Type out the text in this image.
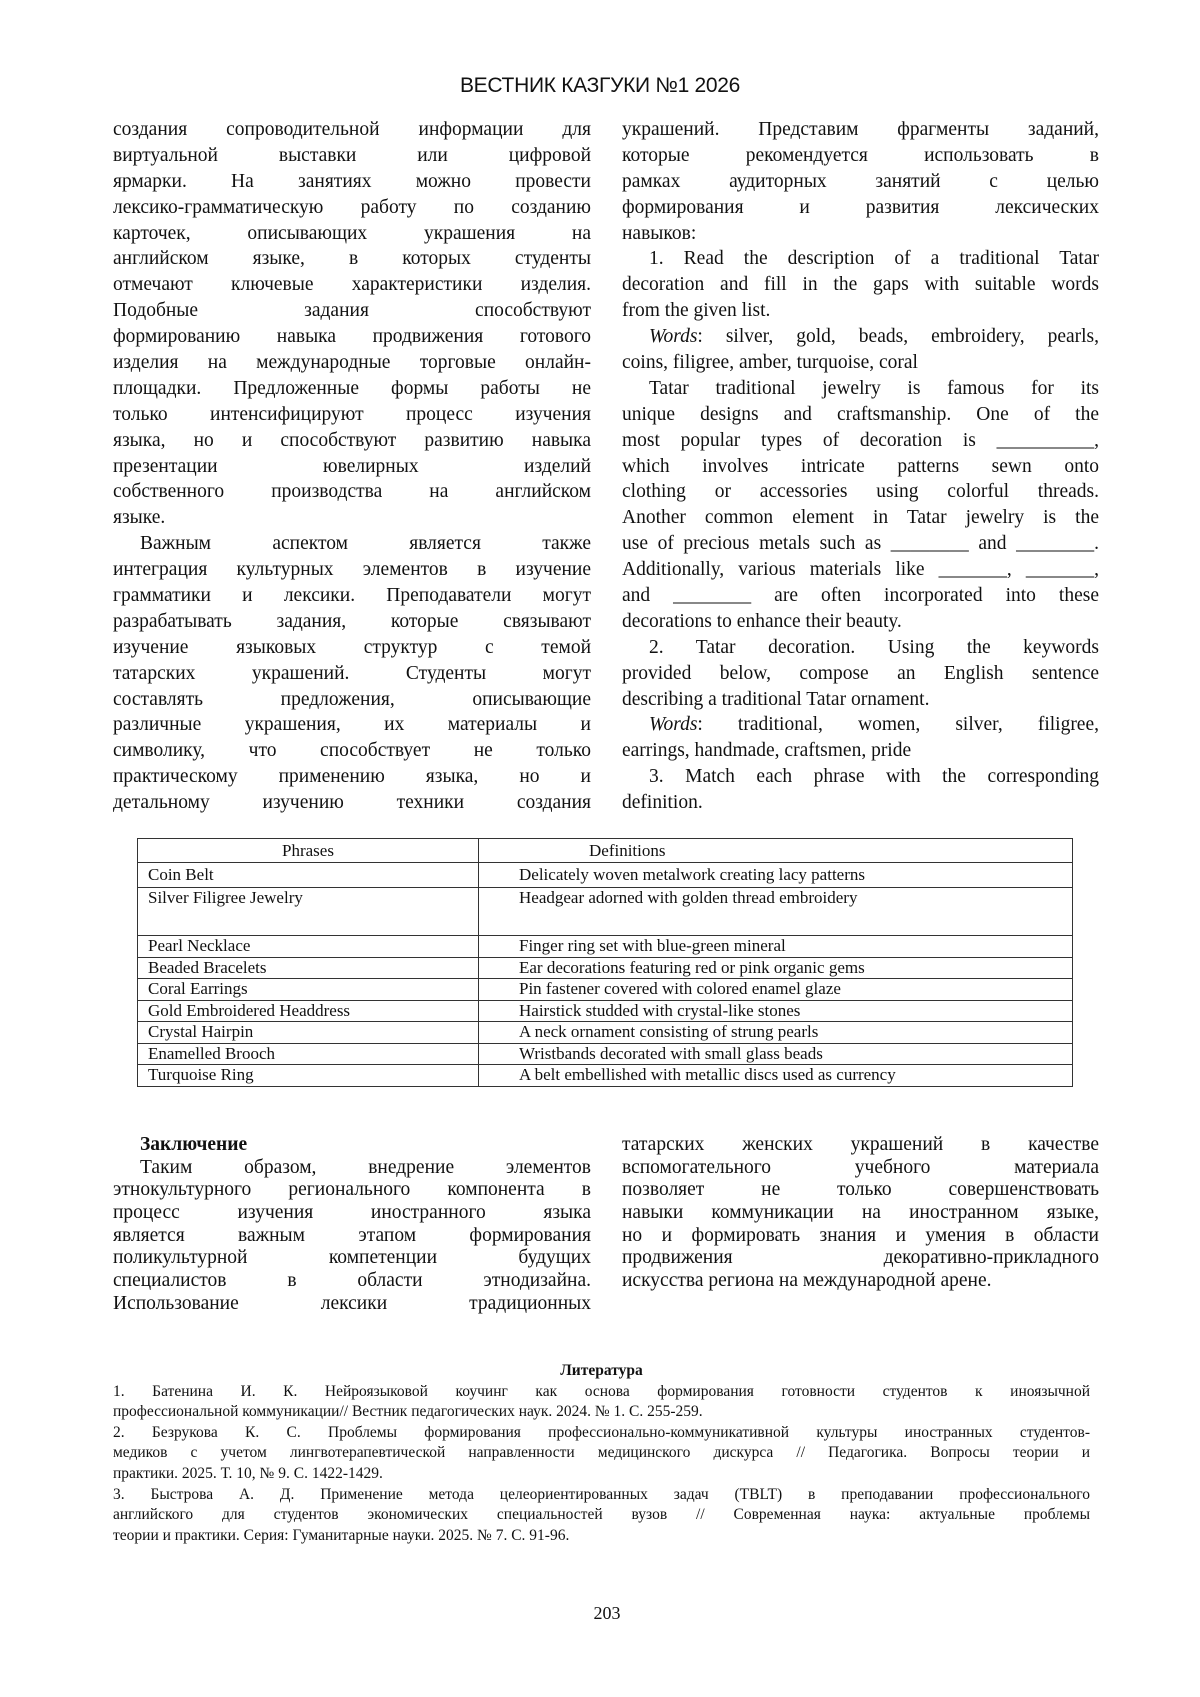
ВЕСТНИК КАЗГУКИ №1 2026
создания сопроводительной информации для
виртуальной выставки или цифровой
ярмарки. На занятиях можно провести
лексико-грамматическую работу по созданию
карточек, описывающих украшения на
английском языке, в которых студенты
отмечают ключевые характеристики изделия.
Подобные задания способствуют
формированию навыка продвижения готового
изделия на международные торговые онлайн-
площадки. Предложенные формы работы не
только интенсифицируют процесс изучения
языка, но и способствуют развитию навыка
презентации ювелирных изделий
собственного производства на английском
языке.
Важным аспектом является также
интеграция культурных элементов в изучение
грамматики и лексики. Преподаватели могут
разрабатывать задания, которые связывают
изучение языковых структур с темой
татарских украшений. Студенты могут
составлять предложения, описывающие
различные украшения, их материалы и
символику, что способствует не только
практическому применению языка, но и
детальному изучению техники создания
украшений. Представим фрагменты заданий,
которые рекомендуется использовать в
рамках аудиторных занятий с целью
формирования и развития лексических
навыков:
1. Read the description of a traditional Tatar
decoration and fill in the gaps with suitable words
from the given list.
Words: silver, gold, beads, embroidery, pearls,
coins, filigree, amber, turquoise, coral
Tatar traditional jewelry is famous for its
unique designs and craftsmanship. One of the
most popular types of decoration is __________,
which involves intricate patterns sewn onto
clothing or accessories using colorful threads.
Another common element in Tatar jewelry is the
use of precious metals such as ________ and ________.
Additionally, various materials like _______, _______,
and ________ are often incorporated into these
decorations to enhance their beauty.
2. Tatar decoration. Using the keywords
provided below, compose an English sentence
describing a traditional Tatar ornament.
Words: traditional, women, silver, filigree,
earrings, handmade, craftsmen, pride
3. Match each phrase with the corresponding
definition.
Phrases	Definitions
Coin Belt	Delicately woven metalwork creating lacy patterns
Silver Filigree Jewelry	Headgear adorned with golden thread embroidery
Pearl Necklace	Finger ring set with blue-green mineral
Beaded Bracelets	Ear decorations featuring red or pink organic gems
Coral Earrings	Pin fastener covered with colored enamel glaze
Gold Embroidered Headdress	Hairstick studded with crystal-like stones
Crystal Hairpin	A neck ornament consisting of strung pearls
Enamelled Brooch	Wristbands decorated with small glass beads
Turquoise Ring	A belt embellished with metallic discs used as currency
Заключение
Таким образом, внедрение элементов
этнокультурного регионального компонента в
процесс изучения иностранного языка
является важным этапом формирования
поликультурной компетенции будущих
специалистов в области этнодизайна.
Использование лексики традиционных
татарских женских украшений в качестве
вспомогательного учебного материала
позволяет не только совершенствовать
навыки коммуникации на иностранном языке,
но и формировать знания и умения в области
продвижения декоративно-прикладного
искусства региона на международной арене.
Литература
1. Батенина И. К. Нейроязыковой коучинг как основа формирования готовности студентов к иноязычной
профессиональной коммуникации// Вестник педагогических наук. 2024. № 1. С. 255-259.
2. Безрукова К. С. Проблемы формирования профессионально-коммуникативной культуры иностранных студентов-
медиков с учетом лингвотерапевтической направленности медицинского дискурса // Педагогика. Вопросы теории и
практики. 2025. Т. 10, № 9. С. 1422-1429.
3. Быстрова А. Д. Применение метода целеориентированных задач (TBLT) в преподавании профессионального
английского для студентов экономических специальностей вузов // Современная наука: актуальные проблемы
теории и практики. Серия: Гуманитарные науки. 2025. № 7. С. 91-96.
203
